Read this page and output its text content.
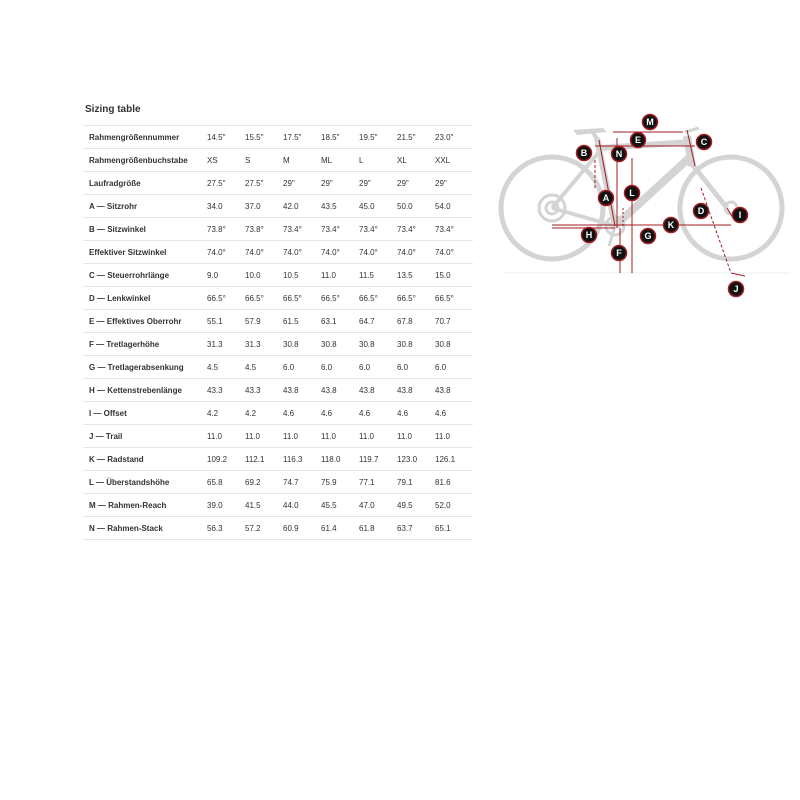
Sizing table
Rahmengrößennummer	14.5"	15.5"	17.5"	18.5"	19.5"	21.5"	23.0"
Rahmengrößenbuchstabe	XS	S	M	ML	L	XL	XXL
Laufradgröße	27.5"	27.5"	29"	29"	29"	29"	29"
A — Sitzrohr	34.0	37.0	42.0	43.5	45.0	50.0	54.0
B — Sitzwinkel	73.8°	73.8°	73.4°	73.4°	73.4°	73.4°	73.4°
Effektiver Sitzwinkel	74.0°	74.0°	74.0°	74.0°	74.0°	74.0°	74.0°
C — Steuerrohrlänge	9.0	10.0	10.5	11.0	11.5	13.5	15.0
D — Lenkwinkel	66.5°	66.5°	66.5°	66.5°	66.5°	66.5°	66.5°
E — Effektives Oberrohr	55.1	57.9	61.5	63.1	64.7	67.8	70.7
F — Tretlagerhöhe	31.3	31.3	30.8	30.8	30.8	30.8	30.8
G — Tretlagerabsenkung	4.5	4.5	6.0	6.0	6.0	6.0	6.0
H — Kettenstrebenlänge	43.3	43.3	43.8	43.8	43.8	43.8	43.8
I — Offset	4.2	4.2	4.6	4.6	4.6	4.6	4.6
J — Trail	11.0	11.0	11.0	11.0	11.0	11.0	11.0
K — Radstand	109.2	112.1	116.3	118.0	119.7	123.0	126.1
L — Überstandshöhe	65.8	69.2	74.7	75.9	77.1	79.1	81.6
M — Rahmen-Reach	39.0	41.5	44.0	45.5	47.0	49.5	52.0
N — Rahmen-Stack	56.3	57.2	60.9	61.4	61.8	63.7	65.1
M
E	C
B	N
L
A
K
D	I
H	G
F
J
